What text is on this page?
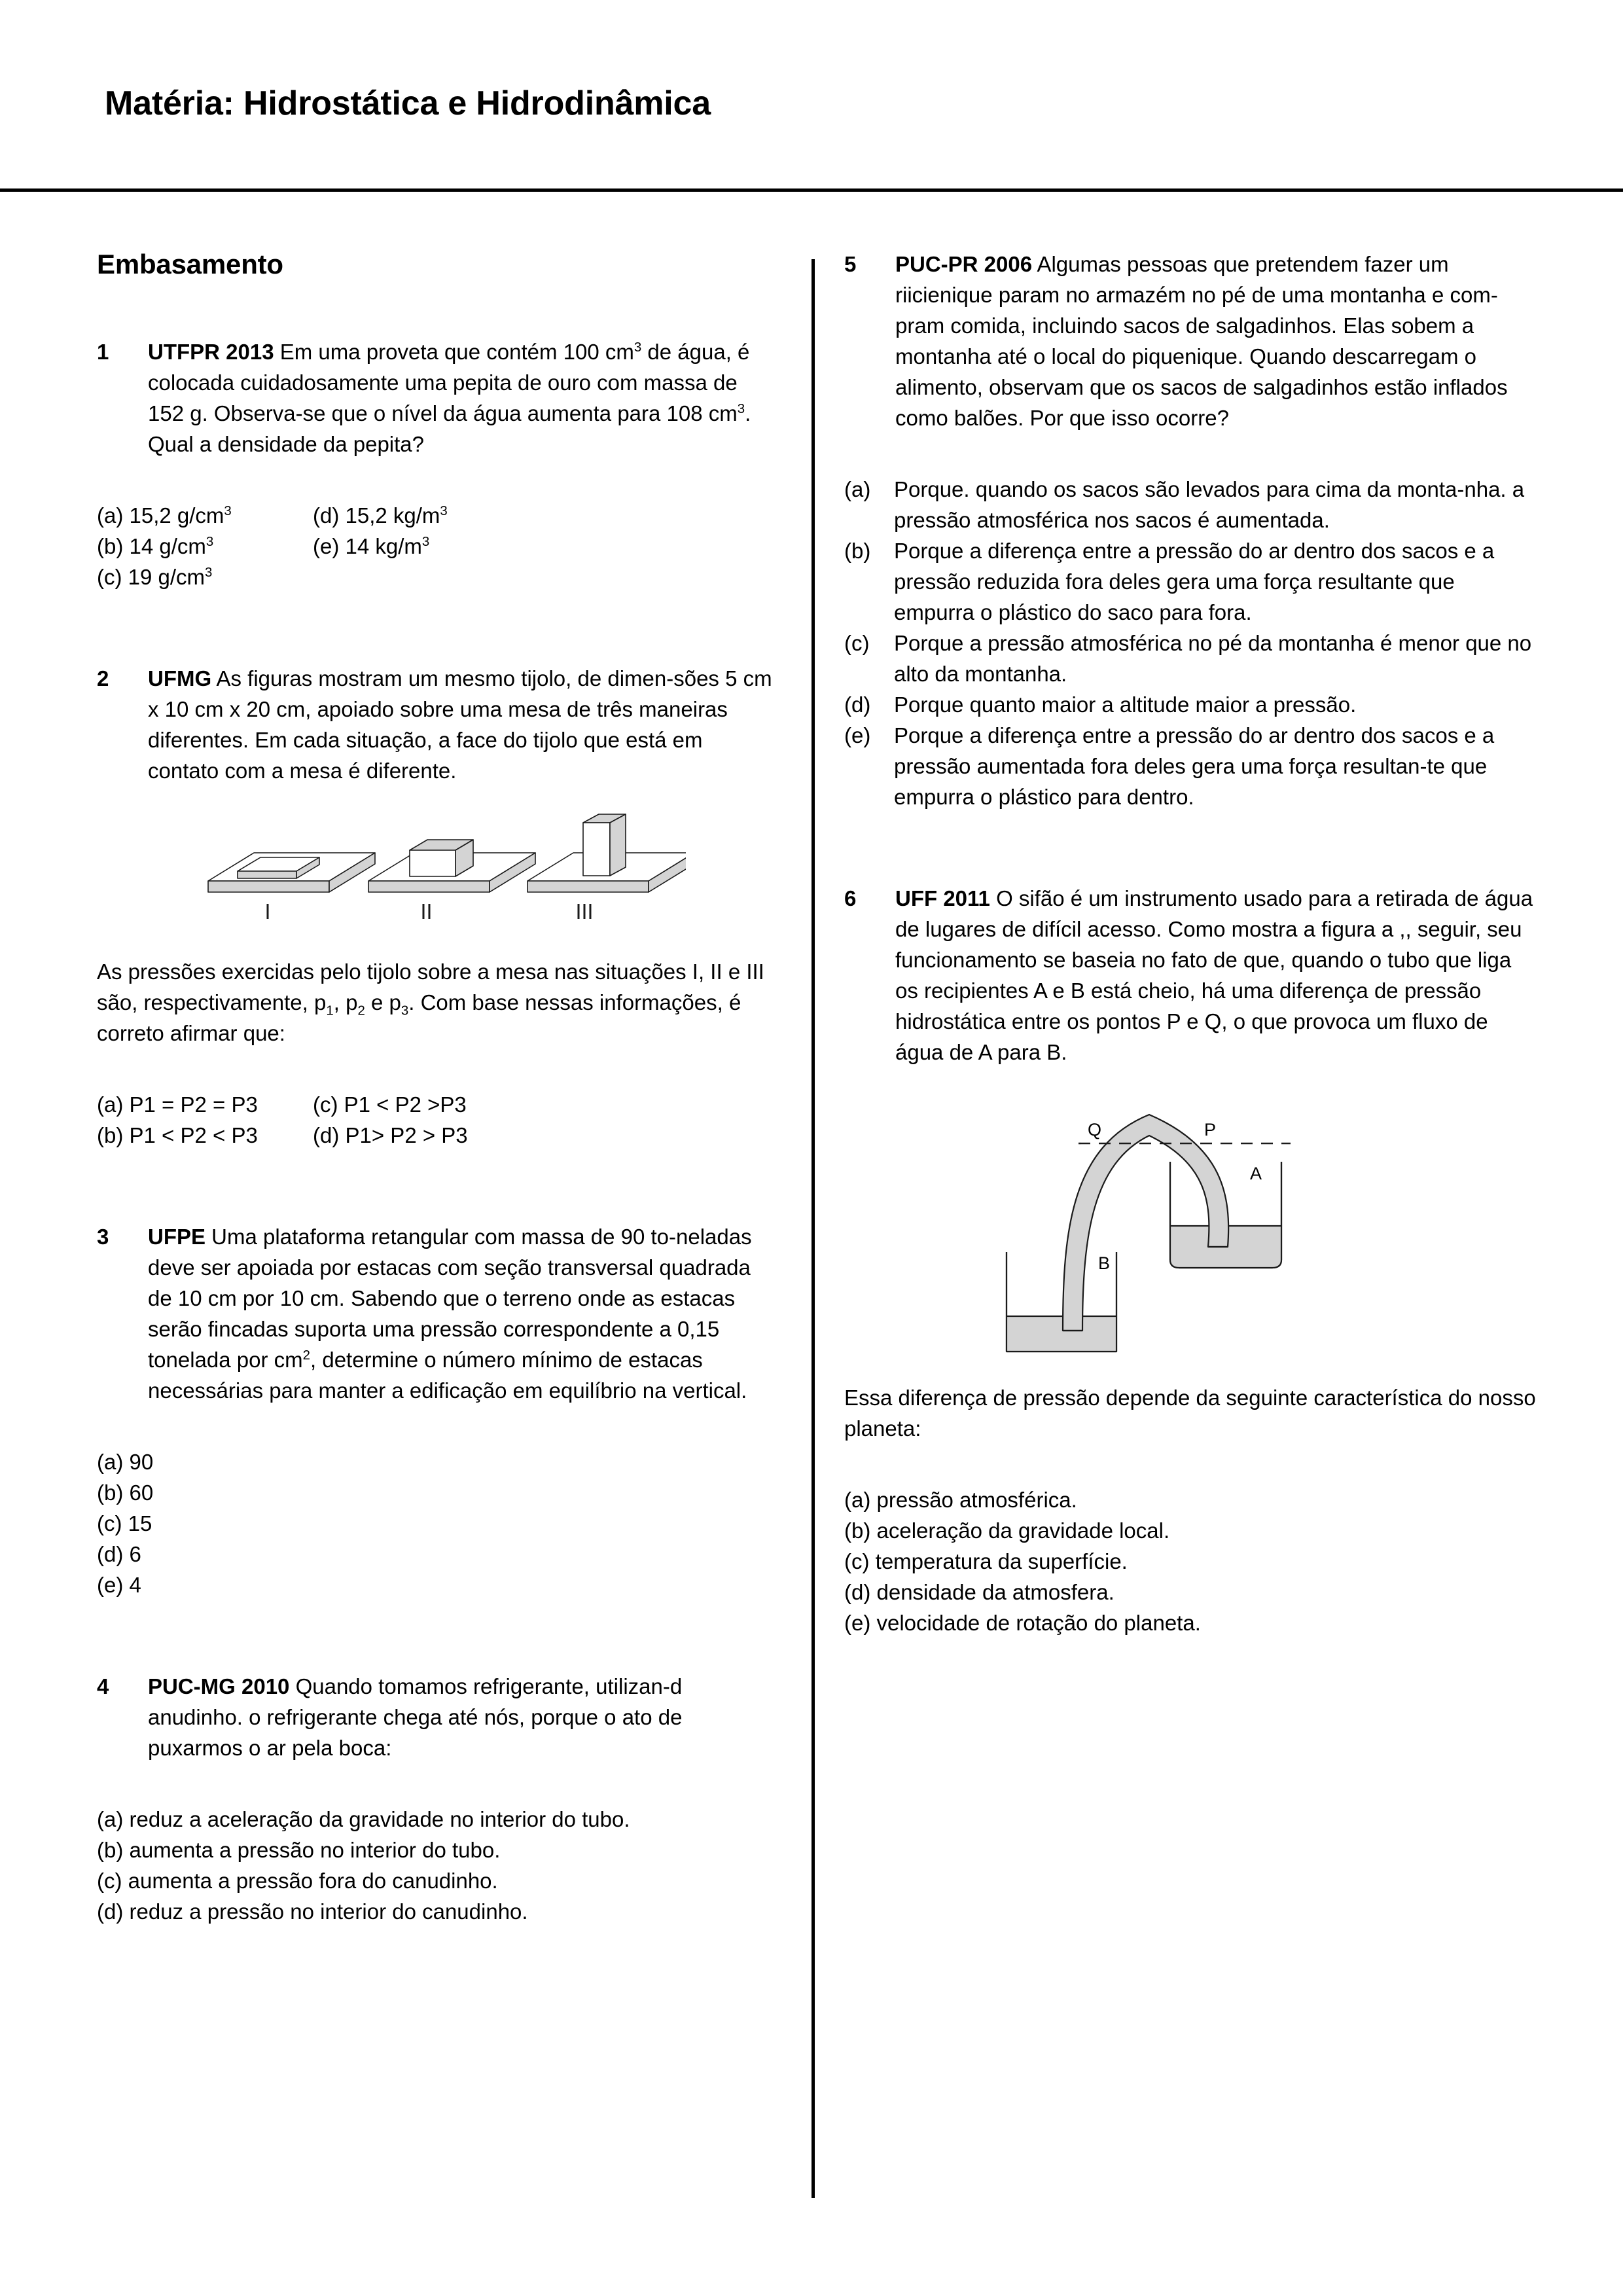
Matéria: Hidrostática e Hidrodinâmica
Embasamento
1	UTFPR 2013 Em uma proveta que contém 100 $cm^3$ de água, é colocada cuidadosamente uma pepita de ouro com massa de 152 g. Observa-se que o nível da água aumenta para 108 $cm^3$. Qual a densidade da pepita?
(a) 15,2 $g/cm^3$
(b) 14 $g/cm^3$
(c) 19 $g/cm^3$
(d) 15,2 $kg/m^3$
(e) 14 $kg/m^3$
2	UFMG As figuras mostram um mesmo tijolo, de dimen-sões 5 cm x 10 cm x 20 cm, apoiado sobre uma mesa de três maneiras diferentes. Em cada situação, a face do tijolo que está em contato com a mesa é diferente.
As pressões exercidas pelo tijolo sobre a mesa nas situações I, II e III são, respectivamente, $p_1$, $p_2$ e $p_3$. Com base nessas informações, é correto afirmar que:
(a) P1 = P2 = P3
(b) P1 < P2 < P3
(c) P1 < P2 >P3
(d) P1> P2 > P3
3	UFPE Uma plataforma retangular com massa de 90 to-neladas deve ser apoiada por estacas com seção transversal quadrada de 10 cm por 10 cm. Sabendo que o terreno onde as estacas serão fincadas suporta uma pressão correspondente a 0,15 tonelada por $cm^2$, determine o número mínimo de estacas necessárias para manter a edificação em equilíbrio na vertical.
(a) 90
(b) 60
(c) 15
(d) 6
(e) 4
4	PUC-MG 2010 Quando tomamos refrigerante, utilizan-d anudinho. o refrigerante chega até nós, porque o ato de puxarmos o ar pela boca:
(a) reduz a aceleração da gravidade no interior do tubo.
(b) aumenta a pressão no interior do tubo.
(c) aumenta a pressão fora do canudinho.
(d) reduz a pressão no interior do canudinho.
5	PUC-PR 2006 Algumas pessoas que pretendem fazer um riicienique param no armazém no pé de uma montanha e com-pram comida, incluindo sacos de salgadinhos. Elas sobem a montanha até o local do piquenique. Quando descarregam o alimento, observam que os sacos de salgadinhos estão inflados como balões. Por que isso ocorre?
(a)	Porque. quando os sacos são levados para cima da monta-nha. a pressão atmosférica nos sacos é aumentada.
(b)	Porque a diferença entre a pressão do ar dentro dos sacos e a pressão reduzida fora deles gera uma força resultante que empurra o plástico do saco para fora.
(c)	Porque a pressão atmosférica no pé da montanha é menor que no alto da montanha.
(d)	Porque quanto maior a altitude maior a pressão.
(e)	Porque a diferença entre a pressão do ar dentro dos sacos e a pressão aumentada fora deles gera uma força resultan-te que empurra o plástico para dentro.
6	UFF 2011 O sifão é um instrumento usado para a retirada de água de lugares de difícil acesso. Como mostra a figura a ,, seguir, seu funcionamento se baseia no fato de que, quando o tubo que liga os recipientes A e B está cheio, há uma diferença de pressão hidrostática entre os pontos P e Q, o que provoca um fluxo de água de A para B.
Q	P
A
B
Essa diferença de pressão depende da seguinte característica do nosso planeta:
(a) pressão atmosférica.
(b) aceleração da gravidade local.
(c) temperatura da superfície.
(d) densidade da atmosfera.
(e) velocidade de rotação do planeta.
